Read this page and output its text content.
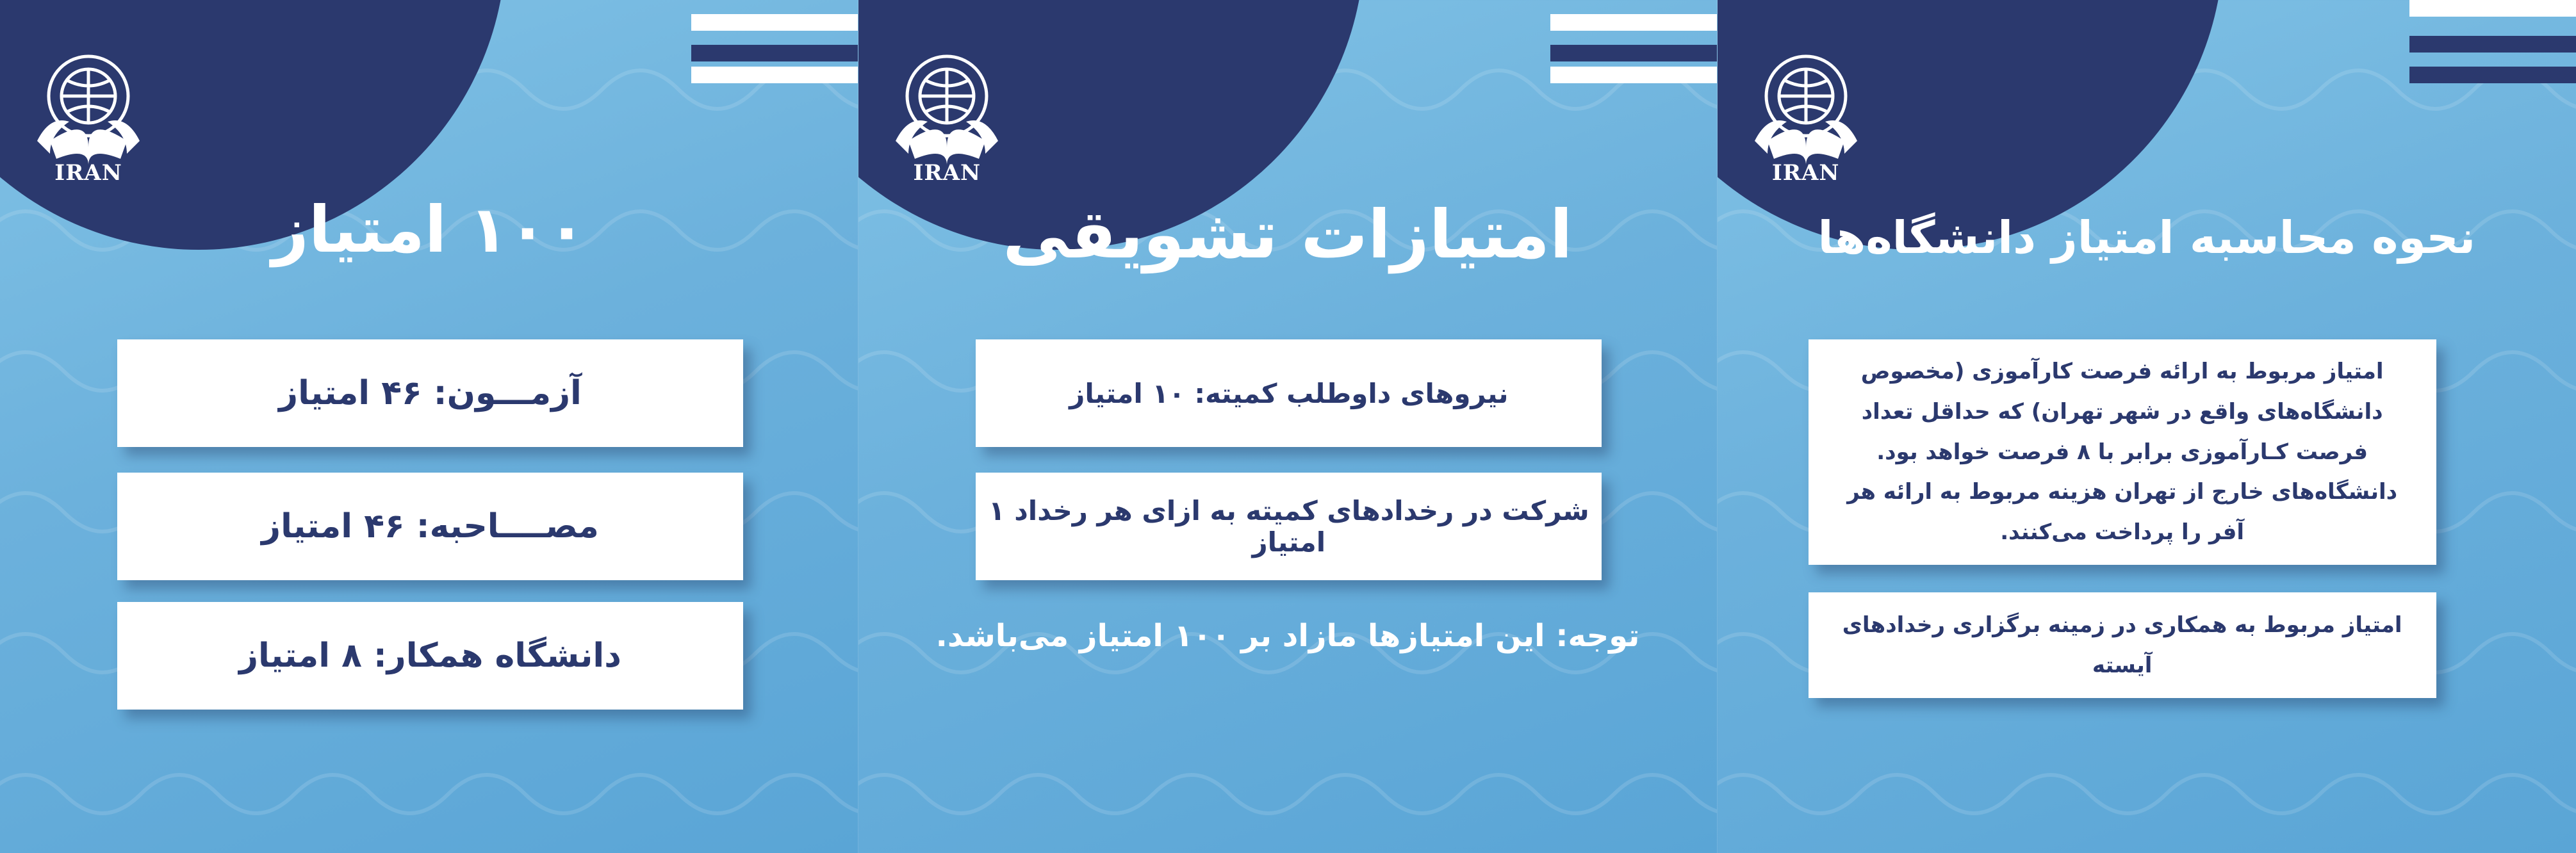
IRAN
۱۰۰ امتیاز
آزمـــون: ۴۶ امتیاز
مصــــاحبه: ۴۶ امتیاز
دانشگاه همکار: ۸ امتیاز
IRAN
امتیازات تشویقی
نیروهای داوطلب کمیته: ۱۰ امتیاز
شرکت در رخدادهای کمیته به ازای هر رخداد ۱ امتیاز
توجه: این امتیازها مازاد بر ۱۰۰ امتیاز می‌باشد.
IRAN
نحوه محاسبه امتیاز دانشگاه‌ها
امتیاز مربوط به ارائه فرصت کارآموزی (مخصوص دانشگاه‌های واقع در شهر تهران) که حداقل تعداد فرصت کـارآموزی برابر با ۸ فرصت خواهد بود. دانشگاه‌های خارج از تهران هزینه مربوط به ارائه هر آفر را پرداخت می‌کنند.
امتیاز مربوط به همکاری در زمینه برگزاری رخدادهای آیسته
